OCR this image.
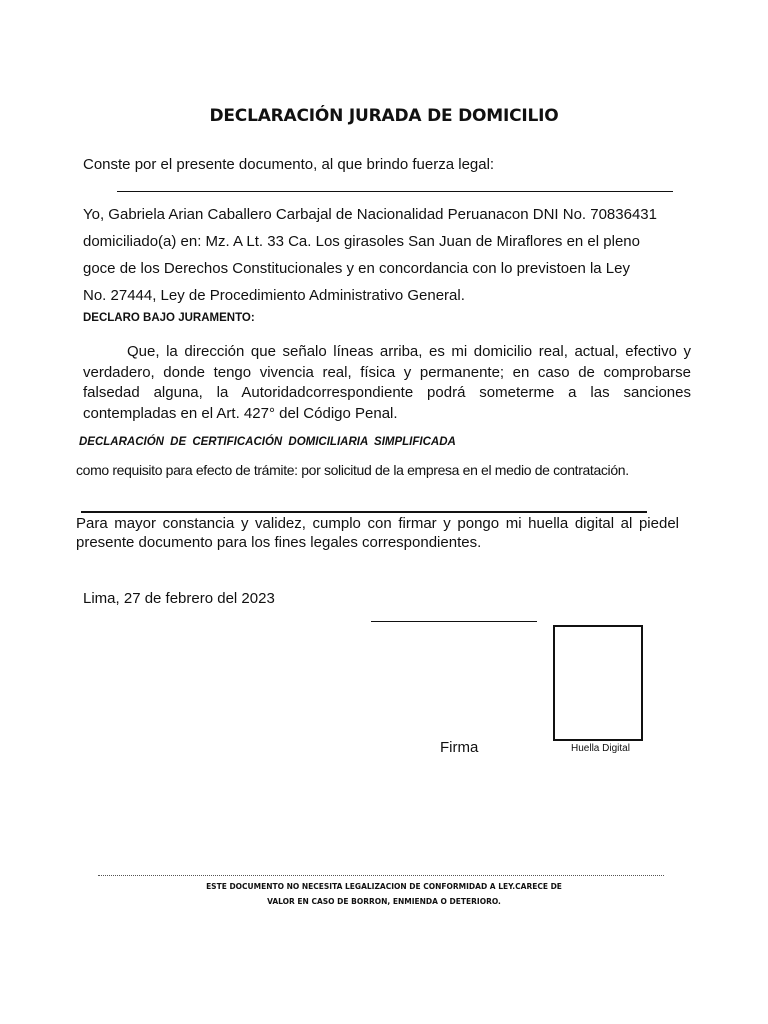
DECLARACIÓN JURADA DE DOMICILIO
Conste por el presente documento, al que brindo fuerza legal:

Yo, Gabriela Arian Caballero Carbajal de Nacionalidad Peruanacon DNI No. 70836431

domiciliado(a) en: Mz. A Lt. 33 Ca. Los girasoles San Juan de Miraflores en el pleno

goce de los Derechos Constitucionales y en concordancia con lo previstoen la Ley

No. 27444, Ley de Procedimiento Administrativo General.

DECLARO BAJO JURAMENTO:
Que, la dirección que señalo líneas arriba, es mi domicilio real, actual, efectivo y verdadero, donde tengo vivencia real, física y permanente; en caso de comprobarse falsedad alguna, la Autoridadcorrespondiente podrá someterme a las sanciones contempladas en el Art. 427° del Código Penal.
DECLARACIÓN DE CERTIFICACIÓN DOMICILIARIA SIMPLIFICADA
como requisito para efecto de trámite: por solicitud de la empresa en el medio de contratación.
Para mayor constancia y validez, cumplo con firmar y pongo mi huella digital al piedel presente documento para los fines legales correspondientes.
Lima, 27 de febrero del 2023
Firma	Huella Digital
ESTE DOCUMENTO NO NECESITA LEGALIZACION DE CONFORMIDAD A LEY.CARECE DE
VALOR EN CASO DE BORRON, ENMIENDA O DETERIORO.
